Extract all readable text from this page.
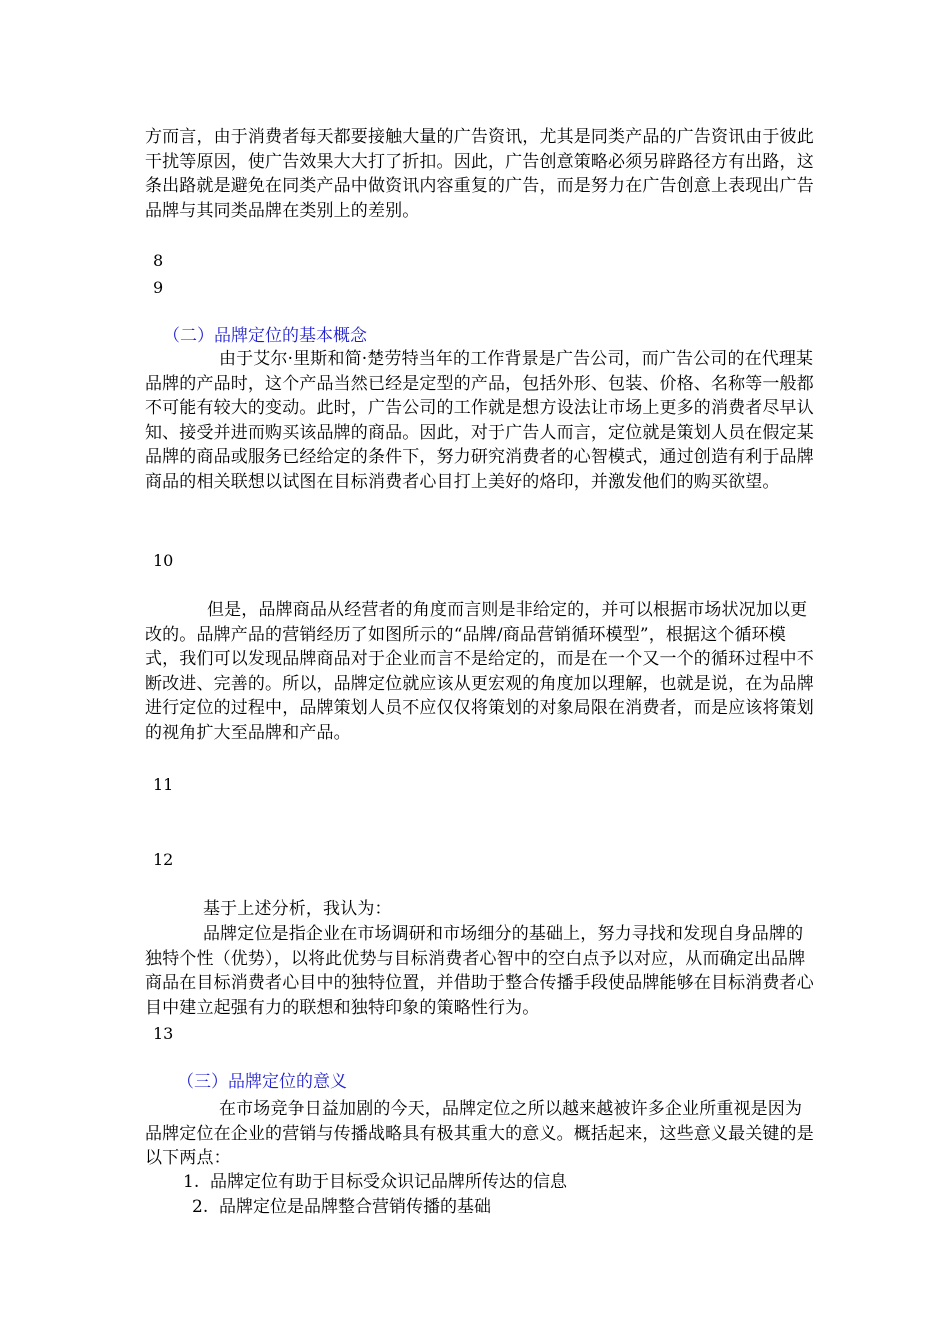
方而言，由于消费者每天都要接触大量的广告资讯，尤其是同类产品的广告资讯由于彼此干扰等原因，使广告效果大大打了折扣。因此，广告创意策略必须另辟路径方有出路，这条出路就是避免在同类产品中做资讯内容重复的广告，而是努力在广告创意上表现出广告品牌与其同类品牌在类别上的差别。

8
9
（二）品牌定位的基本概念

由于艾尔·里斯和简·楚劳特当年的工作背景是广告公司，而广告公司的在代理某品牌的产品时，这个产品当然已经是定型的产品，包括外形、包装、价格、名称等一般都不可能有较大的变动。此时，广告公司的工作就是想方设法让市场上更多的消费者尽早认知、接受并进而购买该品牌的商品。因此，对于广告人而言，定位就是策划人员在假定某品牌的商品或服务已经给定的条件下，努力研究消费者的心智模式，通过创造有利于品牌商品的相关联想以试图在目标消费者心目打上美好的烙印，并激发他们的购买欲望。

10

但是，品牌商品从经营者的角度而言则是非给定的，并可以根据市场状况加以更改的。品牌产品的营销经历了如图所示的“品牌/商品营销循环模型”，根据这个循环模式，我们可以发现品牌商品对于企业而言不是给定的，而是在一个又一个的循环过程中不断改进、完善的。所以，品牌定位就应该从更宏观的角度加以理解，也就是说，在为品牌进行定位的过程中，品牌策划人员不应仅仅将策划的对象局限在消费者，而是应该将策划的视角扩大至品牌和产品。

11
12

基于上述分析，我认为：

品牌定位是指企业在市场调研和市场细分的基础上，努力寻找和发现自身品牌的独特个性（优势），以将此优势与目标消费者心智中的空白点予以对应，从而确定出品牌商品在目标消费者心目中的独特位置，并借助于整合传播手段使品牌能够在目标消费者心目中建立起强有力的联想和独特印象的策略性行为。

13
（三）品牌定位的意义

在市场竞争日益加剧的今天，品牌定位之所以越来越被许多企业所重视是因为品牌定位在企业的营销与传播战略具有极其重大的意义。概括起来，这些意义最关键的是以下两点：

1. 品牌定位有助于目标受众识记品牌所传达的信息
2. 品牌定位是品牌整合营销传播的基础
